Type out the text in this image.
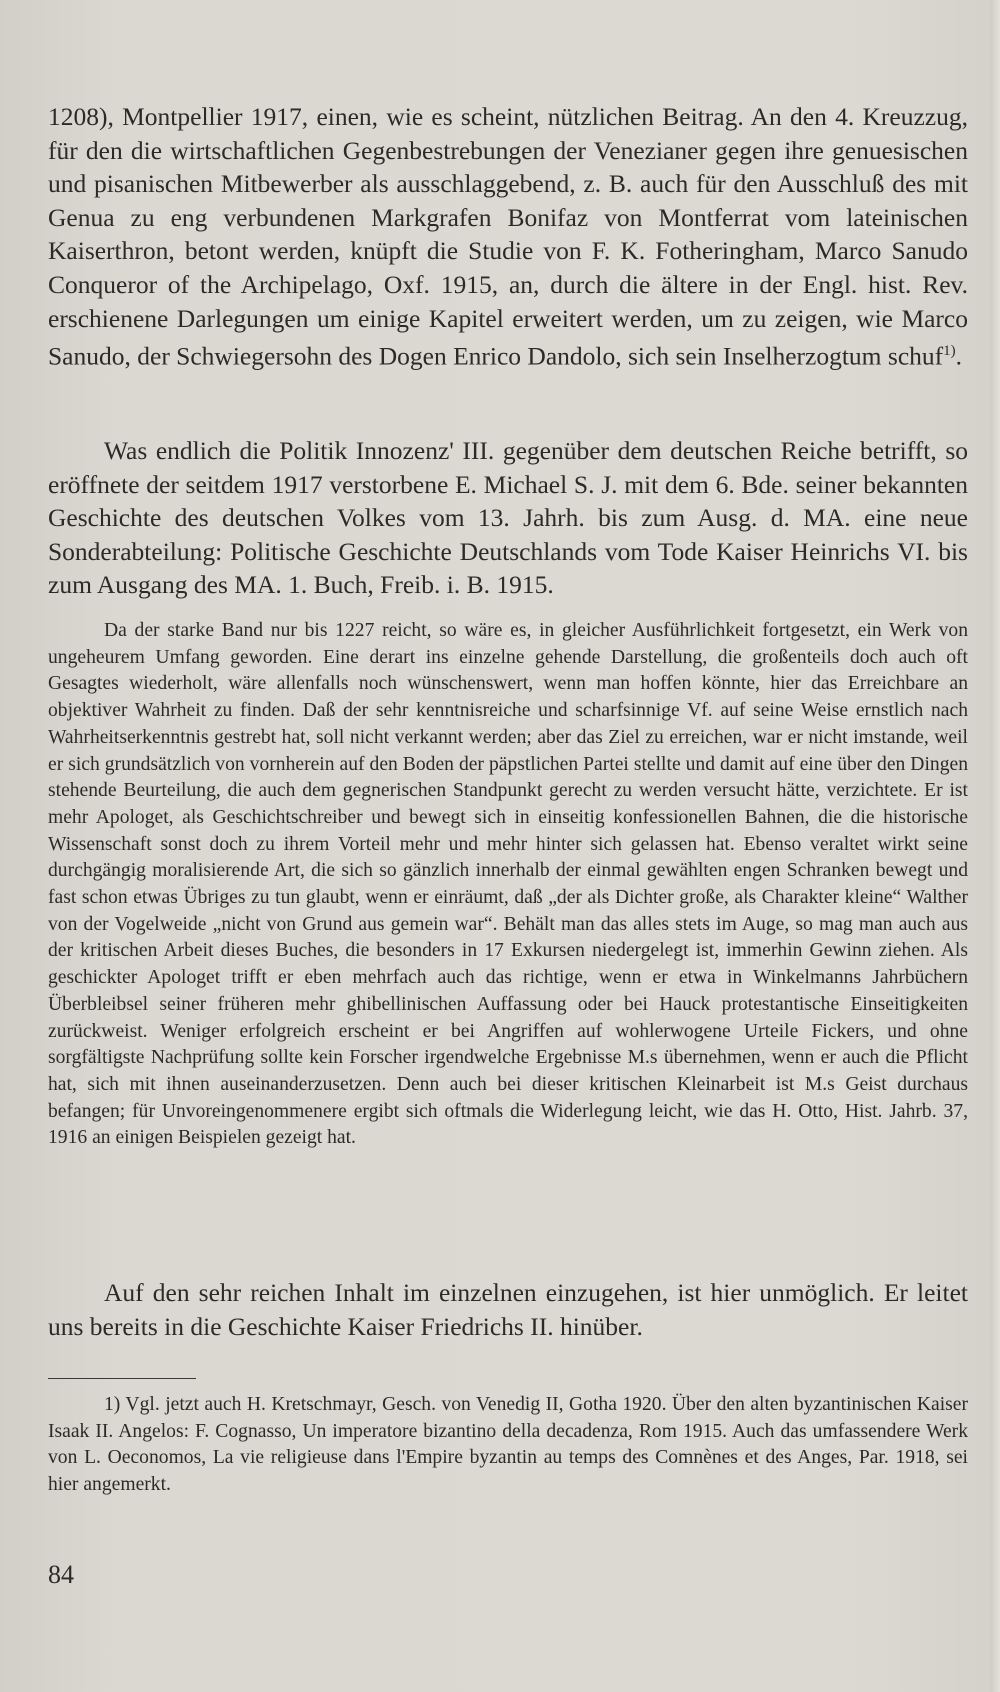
1208), Montpellier 1917, einen, wie es scheint, nützlichen Beitrag. An den 4. Kreuzzug, für den die wirtschaftlichen Gegenbestrebungen der Venezianer gegen ihre genuesischen und pisanischen Mitbewerber als ausschlaggebend, z. B. auch für den Ausschluß des mit Genua zu eng verbundenen Markgrafen Bonifaz von Montferrat vom lateinischen Kaiserthron, betont werden, knüpft die Studie von F. K. Fotheringham, Marco Sanudo Conqueror of the Archipelago, Oxf. 1915, an, durch die ältere in der Engl. hist. Rev. erschienene Darlegungen um einige Kapitel erweitert werden, um zu zeigen, wie Marco Sanudo, der Schwiegersohn des Dogen Enrico Dandolo, sich sein Inselherzogtum schuf$^{1)}$.
Was endlich die Politik Innozenz' III. gegenüber dem deutschen Reiche betrifft, so eröffnete der seitdem 1917 verstorbene E. Michael S. J. mit dem 6. Bde. seiner bekannten Geschichte des deutschen Volkes vom 13. Jahrh. bis zum Ausg. d. MA. eine neue Sonderabteilung: Politische Geschichte Deutschlands vom Tode Kaiser Heinrichs VI. bis zum Ausgang des MA. 1. Buch, Freib. i. B. 1915.
Da der starke Band nur bis 1227 reicht, so wäre es, in gleicher Ausführlichkeit fortgesetzt, ein Werk von ungeheurem Umfang geworden. Eine derart ins einzelne gehende Darstellung, die großenteils doch auch oft Gesagtes wiederholt, wäre allenfalls noch wünschenswert, wenn man hoffen könnte, hier das Erreichbare an objektiver Wahrheit zu finden. Daß der sehr kenntnisreiche und scharfsinnige Vf. auf seine Weise ernstlich nach Wahrheitserkenntnis gestrebt hat, soll nicht verkannt werden; aber das Ziel zu erreichen, war er nicht imstande, weil er sich grundsätzlich von vornherein auf den Boden der päpstlichen Partei stellte und damit auf eine über den Dingen stehende Beurteilung, die auch dem gegnerischen Standpunkt gerecht zu werden versucht hätte, verzichtete. Er ist mehr Apologet, als Geschichtschreiber und bewegt sich in einseitig konfessionellen Bahnen, die die historische Wissenschaft sonst doch zu ihrem Vorteil mehr und mehr hinter sich gelassen hat. Ebenso veraltet wirkt seine durchgängig moralisierende Art, die sich so gänzlich innerhalb der einmal gewählten engen Schranken bewegt und fast schon etwas Übriges zu tun glaubt, wenn er einräumt, daß „der als Dichter große, als Charakter kleine“ Walther von der Vogelweide „nicht von Grund aus gemein war“. Behält man das alles stets im Auge, so mag man auch aus der kritischen Arbeit dieses Buches, die besonders in 17 Exkursen niedergelegt ist, immerhin Gewinn ziehen. Als geschickter Apologet trifft er eben mehrfach auch das richtige, wenn er etwa in Winkelmanns Jahrbüchern Überbleibsel seiner früheren mehr ghibellinischen Auffassung oder bei Hauck protestantische Einseitigkeiten zurückweist. Weniger erfolgreich erscheint er bei Angriffen auf wohlerwogene Urteile Fickers, und ohne sorgfältigste Nachprüfung sollte kein Forscher irgendwelche Ergebnisse M.s übernehmen, wenn er auch die Pflicht hat, sich mit ihnen auseinanderzusetzen. Denn auch bei dieser kritischen Kleinarbeit ist M.s Geist durchaus befangen; für Unvoreingenommenere ergibt sich oftmals die Widerlegung leicht, wie das H. Otto, Hist. Jahrb. 37, 1916 an einigen Beispielen gezeigt hat.
Auf den sehr reichen Inhalt im einzelnen einzugehen, ist hier unmöglich. Er leitet uns bereits in die Geschichte Kaiser Friedrichs II. hinüber.
1) Vgl. jetzt auch H. Kretschmayr, Gesch. von Venedig II, Gotha 1920. Über den alten byzantinischen Kaiser Isaak II. Angelos: F. Cognasso, Un imperatore bizantino della decadenza, Rom 1915. Auch das umfassendere Werk von L. Oeconomos, La vie religieuse dans l'Empire byzantin au temps des Comnènes et des Anges, Par. 1918, sei hier angemerkt.
84
